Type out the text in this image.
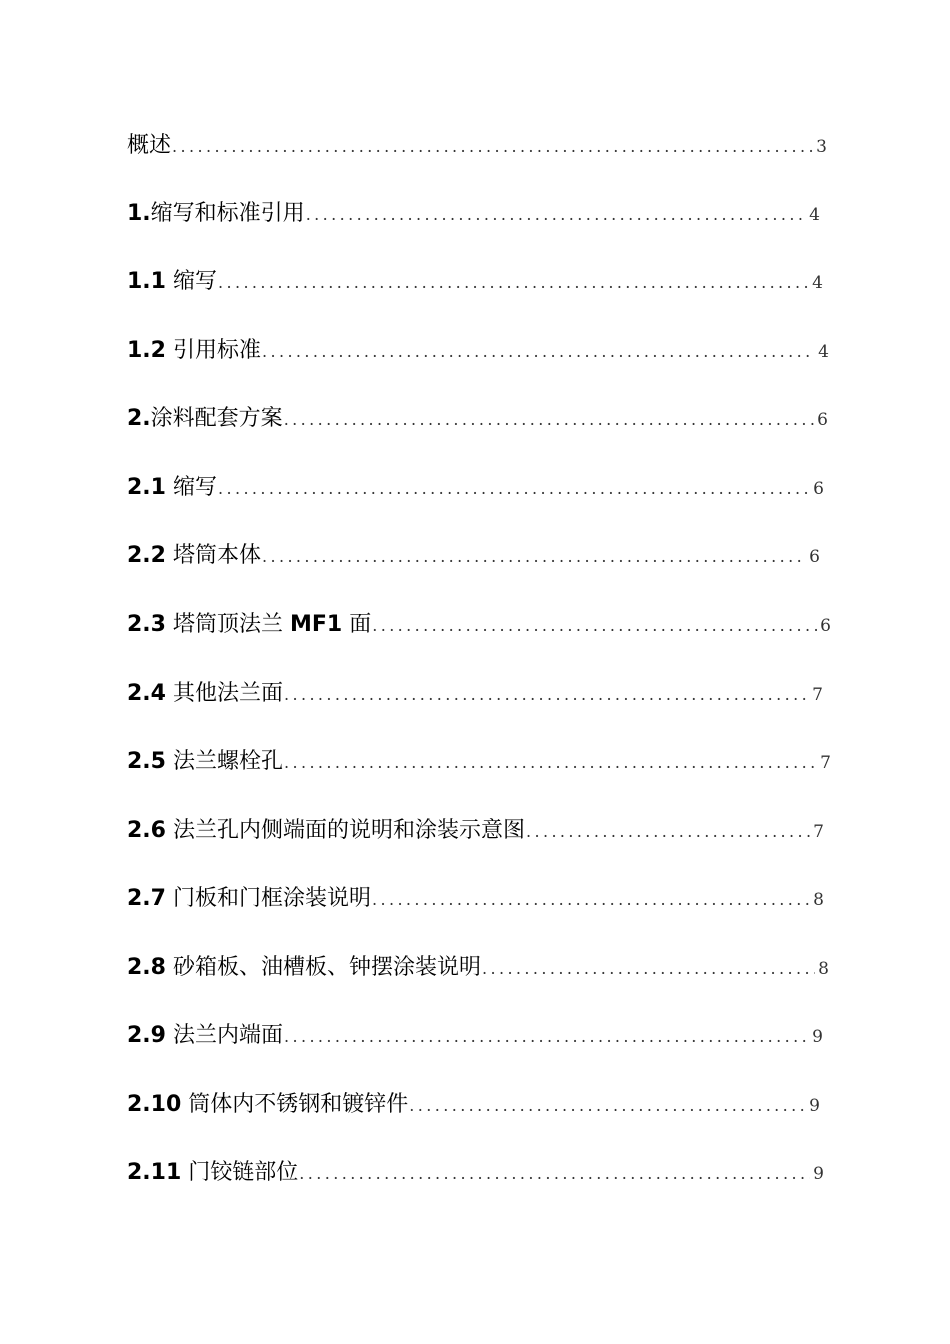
概述 .....	3
1.缩写和标准引用 .....	4
1.1 缩写 .....	4
1.2 引用标准 .....	4
2.涂料配套方案 .....	6
2.1 缩写 .....	6
2.2 塔筒本体 .....	6
2.3 塔筒顶法兰 MF1 面 .....	6
2.4 其他法兰面 .....	7
2.5 法兰螺栓孔 .....	7
2.6 法兰孔内侧端面的说明和涂装示意图 .....	7
2.7 门板和门框涂装说明 .....	8
2.8 砂箱板、油槽板、钟摆涂装说明 .....	8
2.9 法兰内端面 .....	9
2.10 筒体内不锈钢和镀锌件 .....	9
2.11 门铰链部位 .....	9
